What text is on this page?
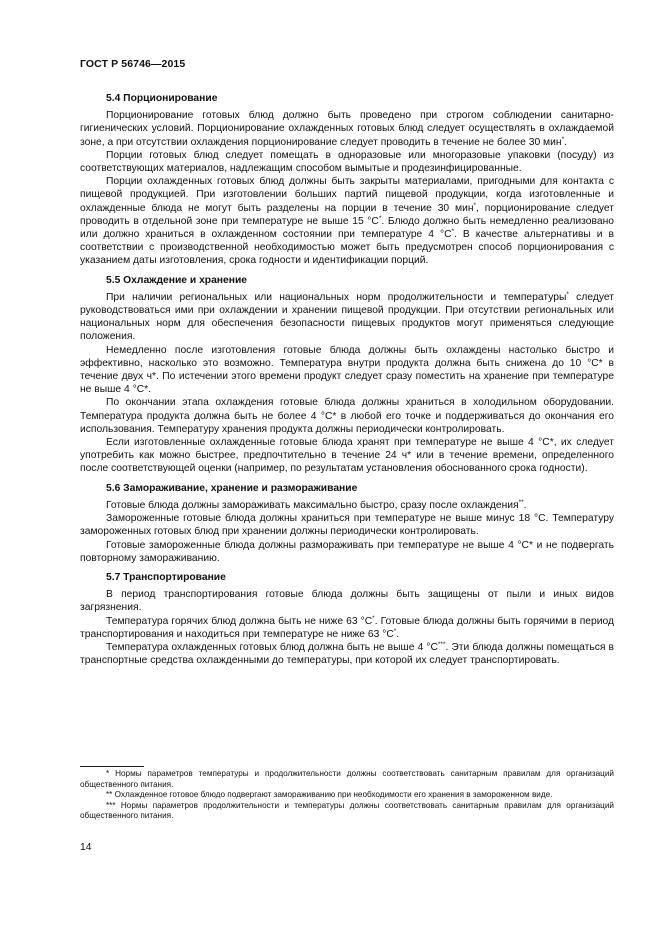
ГОСТ Р 56746—2015
5.4 Порционирование

Порционирование готовых блюд должно быть проведено при строгом соблюдении санитарно-гигиенических условий. Порционирование охлажденных готовых блюд следует осуществлять в охлаждаемой зоне, а при отсутствии охлаждения порционирование следует проводить в течение не более 30 мин*.

Порции готовых блюд следует помещать в одноразовые или многоразовые упаковки (посуду) из соответствующих материалов, надлежащим способом вымытые и продезинфицированные.

Порции охлажденных готовых блюд должны быть закрыты материалами, пригодными для контакта с пищевой продукцией. При изготовлении больших партий пищевой продукции, когда изготовленные и охлажденные блюда не могут быть разделены на порции в течение 30 мин*, порционирование следует проводить в отдельной зоне при температуре не выше 15 °С*. Блюдо должно быть немедленно реализовано или должно храниться в охлажденном состоянии при температуре 4 °С*. В качестве альтернативы и в соответствии с производственной необходимостью может быть предусмотрен способ порционирования с указанием даты изготовления, срока годности и идентификации порций.

5.5 Охлаждение и хранение

При наличии региональных или национальных норм продолжительности и температуры* следует руководствоваться ими при охлаждении и хранении пищевой продукции. При отсутствии региональных или национальных норм для обеспечения безопасности пищевых продуктов могут применяться следующие положения.

Немедленно после изготовления готовые блюда должны быть охлаждены настолько быстро и эффективно, насколько это возможно. Температура внутри продукта должна быть снижена до 10 °С* в течение двух ч*. По истечении этого времени продукт следует сразу поместить на хранение при температуре не выше 4 °С*.

По окончании этапа охлаждения готовые блюда должны храниться в холодильном оборудовании. Температура продукта должна быть не более 4 °С* в любой его точке и поддерживаться до окончания его использования. Температуру хранения продукта должны периодически контролировать.

Если изготовленные охлажденные готовые блюда хранят при температуре не выше 4 °С*, их следует употребить как можно быстрее, предпочтительно в течение 24 ч* или в течение времени, определенного после соответствующей оценки (например, по результатам установления обоснованного срока годности).

5.6 Замораживание, хранение и размораживание

Готовые блюда должны замораживать максимально быстро, сразу после охлаждения**.

Замороженные готовые блюда должны храниться при температуре не выше минус 18 °С. Температуру замороженных готовых блюд при хранении должны периодически контролировать.

Готовые замороженные блюда должны размораживать при температуре не выше 4 °С* и не подвергать повторному замораживанию.

5.7 Транспортирование

В период транспортирования готовые блюда должны быть защищены от пыли и иных видов загрязнения.

Температура горячих блюд должна быть не ниже 63 °С*. Готовые блюда должны быть горячими в период транспортирования и находиться при температуре не ниже 63 °С*.

Температура охлажденных готовых блюд должна быть не выше 4 °С***. Эти блюда должны помещаться в транспортные средства охлажденными до температуры, при которой их следует транспортировать.

* Нормы параметров температуры и продолжительности должны соответствовать санитарным правилам для организаций общественного питания.

** Охлажденное готовое блюдо подвергают замораживанию при необходимости его хранения в замороженном виде.

*** Нормы параметров продолжительности и температуры должны соответствовать санитарным правилам для организаций общественного питания.

14
